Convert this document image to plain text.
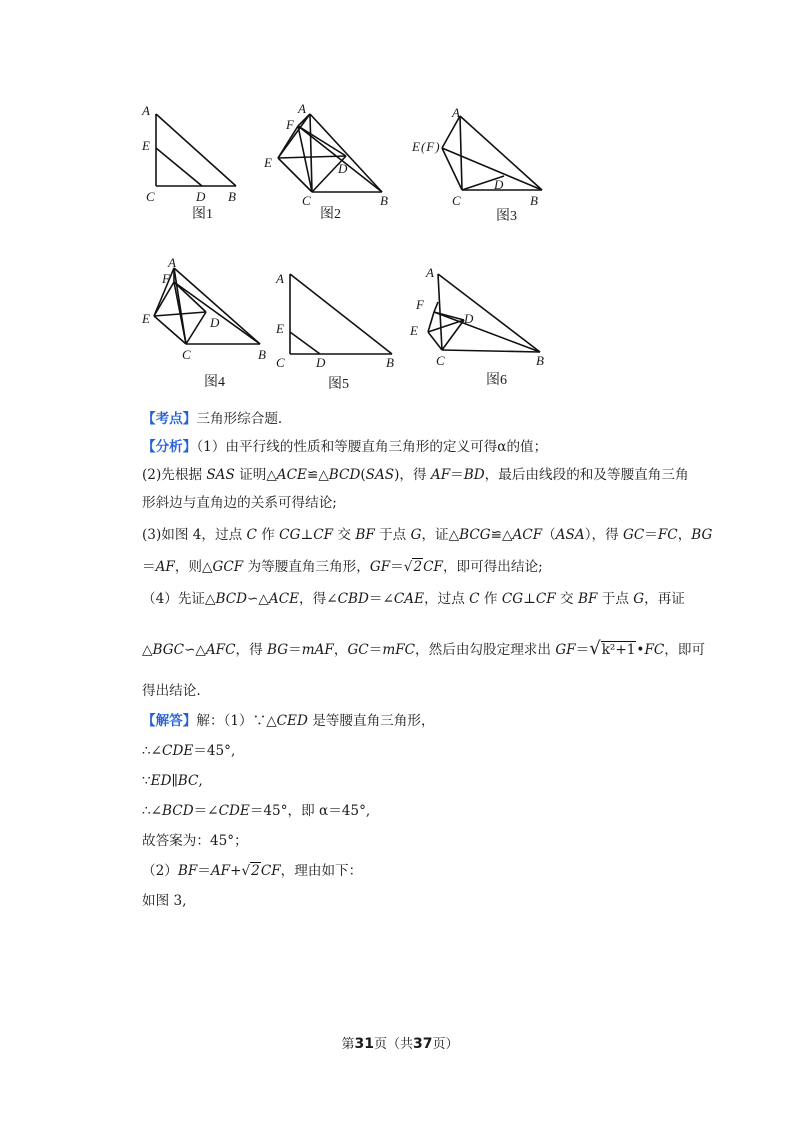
A
E
C	D B
图1
A
F
E	D
C	B
图2
A
E(F)
D
C	B
图3
A
F
E	D
C	B
图4
A
E
C D	B
图5
A
F
D
E
C	B
图6
【考点】三角形综合题.
【分析】（1）由平行线的性质和等腰直角三角形的定义可得α的值；
(2)先根据 SAS 证明△ACE≌△BCD(SAS)，得 AF＝BD，最后由线段的和及等腰直角三角
形斜边与直角边的关系可得结论;
(3)如图 4，过点 C 作 CG⊥CF 交 BF 于点 G，证△BCG≌△ACF（ASA），得 GC＝FC，BG
＝AF，则△GCF 为等腰直角三角形，GF＝√2CF，即可得出结论;
（4）先证△BCD∽△ACE，得∠CBD＝∠CAE，过点 C 作 CG⊥CF 交 BF 于点 G，再证
△BGC∽△AFC，得 BG＝mAF，GC＝mFC，然后由勾股定理求出 GF＝√k²+1•FC，即可
得出结论.
【解答】解：（1）∵△CED 是等腰直角三角形，
∴∠CDE＝45°,
∵ED∥BC,
∴∠BCD＝∠CDE＝45°，即 α＝45°,
故答案为：45°；
（2）BF＝AF+√2CF，理由如下：
如图 3,
第31页（共37页）
